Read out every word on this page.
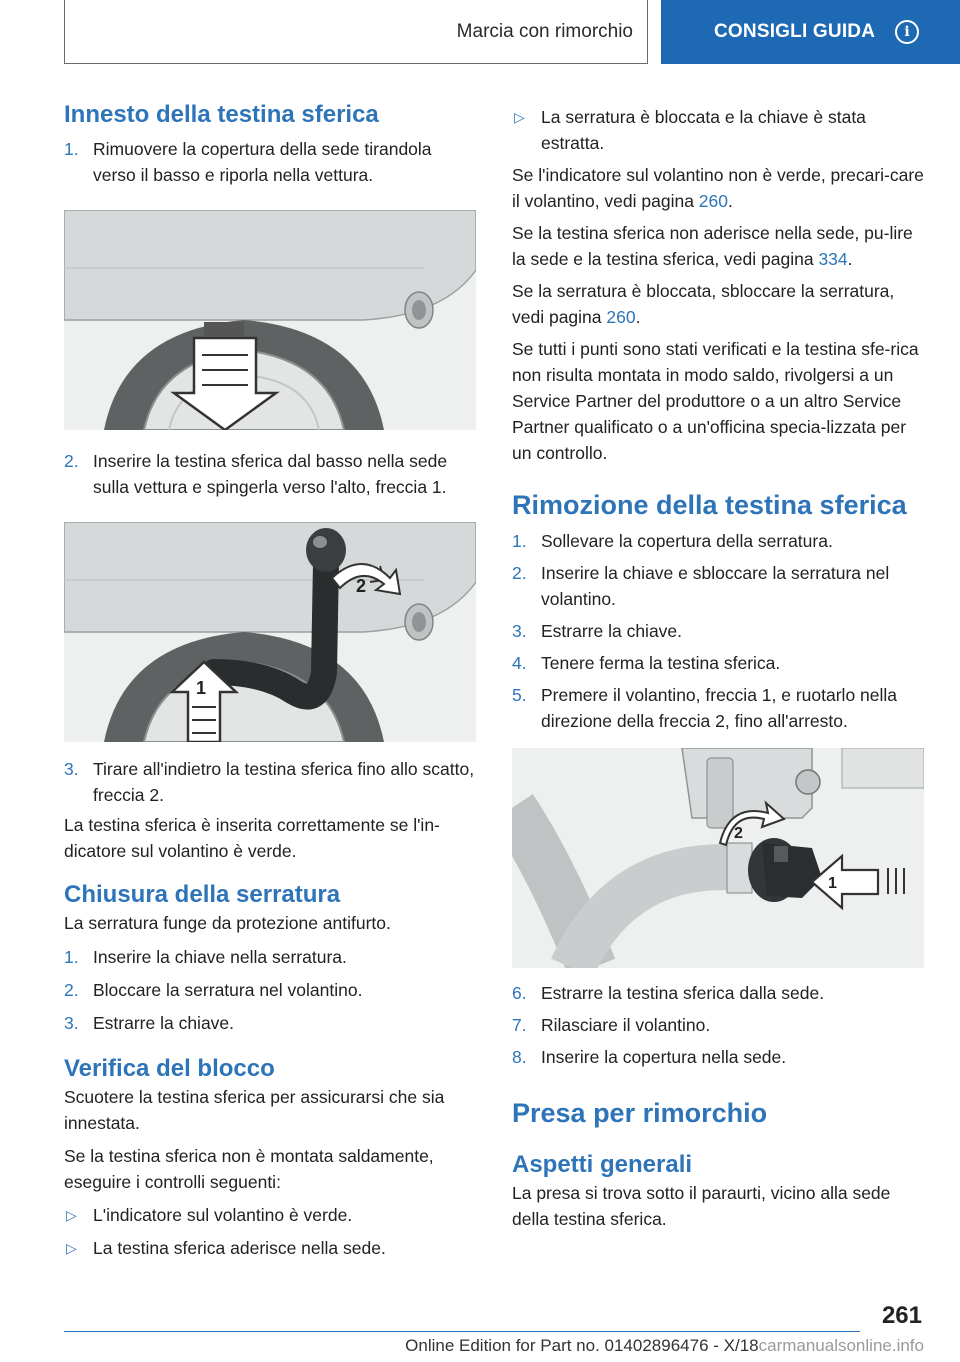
Marcia con rimorchio	CONSIGLI GUIDA	i
Innesto della testina sferica
1. Rimuovere la copertura della sede tirandola verso il basso e riporla nella vettura.
2. Inserire la testina sferica dal basso nella sede sulla vettura e spingerla verso l'alto, freccia 1.
2
1
3. Tirare all'indietro la testina sferica fino allo scatto, freccia 2.

La testina sferica è inserita correttamente se l'in-dicatore sul volantino è verde.

Chiusura della serratura

La serratura funge da protezione antifurto.

1. Inserire la chiave nella serratura.
2. Bloccare la serratura nel volantino.
3. Estrarre la chiave.
Verifica del blocco

Scuotere la testina sferica per assicurarsi che sia innestata.

Se la testina sferica non è montata saldamente, eseguire i controlli seguenti:

▷ L'indicatore sul volantino è verde.
▷ La testina sferica aderisce nella sede.
▷ La serratura è bloccata e la chiave è stata estratta.

Se l'indicatore sul volantino non è verde, precari-care il volantino, vedi pagina 260.

Se la testina sferica non aderisce nella sede, pu-lire la sede e la testina sferica, vedi pagina 334.

Se la serratura è bloccata, sbloccare la serratura, vedi pagina 260.

Se tutti i punti sono stati verificati e la testina sfe-rica non risulta montata in modo saldo, rivolgersi a un Service Partner del produttore o a un altro Service Partner qualificato o a un'officina specia-lizzata per un controllo.

Rimozione della testina sferica
1. Sollevare la copertura della serratura.
2. Inserire la chiave e sbloccare la serratura nel volantino.
3. Estrarre la chiave.
4. Tenere ferma la testina sferica.
5. Premere il volantino, freccia 1, e ruotarlo nella direzione della freccia 2, fino all'arresto.
2
1
6. Estrarre la testina sferica dalla sede.
7. Rilasciare il volantino.
8. Inserire la copertura nella sede.
Presa per rimorchio
Aspetti generali

La presa si trova sotto il paraurti, vicino alla sede della testina sferica.

261
Online Edition for Part no. 01402896476 - X/18carmanualsonline.info
